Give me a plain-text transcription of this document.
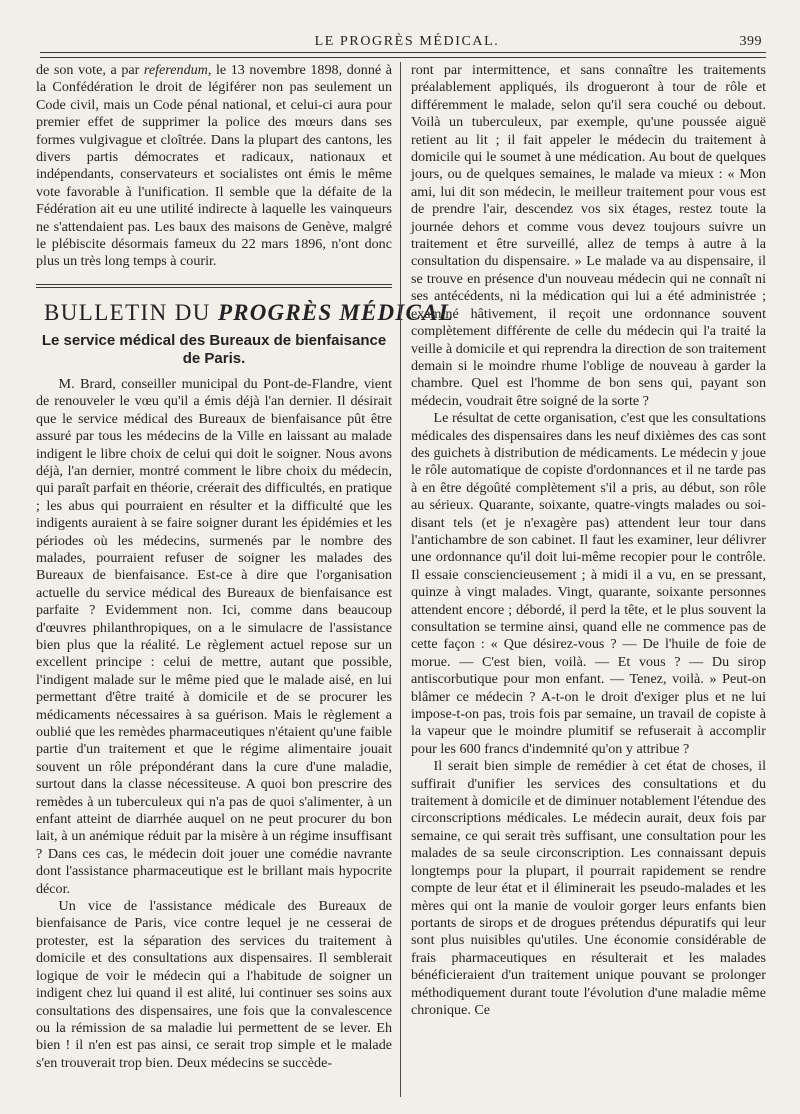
LE PROGRÈS MÉDICAL.	399

de son vote, a par referendum, le 13 novembre 1898, donné à la Confédération le droit de légiférer non pas seulement un Code civil, mais un Code pénal national, et celui-ci aura pour premier effet de supprimer la police des mœurs dans ses formes vulgivague et cloîtrée. Dans la plupart des cantons, les divers partis démocrates et radicaux, nationaux et indépendants, conservateurs et socialistes ont émis le même vote favorable à l'unification. Il semble que la défaite de la Fédération ait eu une utilité indirecte à laquelle les vainqueurs ne s'attendaient pas. Les baux des maisons de Genève, malgré le plébiscite désormais fameux du 22 mars 1896, n'ont donc plus un très long temps à courir.

BULLETIN DU PROGRÈS MÉDICAL
Le service médical des Bureaux de bienfaisance de Paris.

M. Brard, conseiller municipal du Pont-de-Flandre, vient de renouveler le vœu qu'il a émis déjà l'an dernier. Il désirait que le service médical des Bureaux de bienfaisance pût être assuré par tous les médecins de la Ville en laissant au malade indigent le libre choix de celui qui doit le soigner. Nous avons déjà, l'an dernier, montré comment le libre choix du médecin, qui paraît parfait en théorie, créerait des difficultés, en pratique ; les abus qui pourraient en résulter et la difficulté que les indigents auraient à se faire soigner durant les épidémies et les périodes où les médecins, surmenés par le nombre des malades, pourraient refuser de soigner les malades des Bureaux de bienfaisance. Est-ce à dire que l'organisation actuelle du service médical des Bureaux de bienfaisance est parfaite ? Evidemment non. Ici, comme dans beaucoup d'œuvres philanthropiques, on a le simulacre de l'assistance bien plus que la réalité. Le règlement actuel repose sur un excellent principe : celui de mettre, autant que possible, l'indigent malade sur le même pied que le malade aisé, en lui permettant d'être traité à domicile et de se procurer les médicaments nécessaires à sa guérison. Mais le règlement a oublié que les remèdes pharmaceutiques n'étaient qu'une faible partie d'un traitement et que le régime alimentaire jouait souvent un rôle prépondérant dans la cure d'une maladie, surtout dans la classe nécessiteuse. A quoi bon prescrire des remèdes à un tuberculeux qui n'a pas de quoi s'alimenter, à un enfant atteint de diarrhée auquel on ne peut procurer du bon lait, à un anémique réduit par la misère à un régime insuffisant ? Dans ces cas, le médecin doit jouer une comédie navrante dont l'assistance pharmaceutique est le brillant mais hypocrite décor.

Un vice de l'assistance médicale des Bureaux de bienfaisance de Paris, vice contre lequel je ne cesserai de protester, est la séparation des services du traitement à domicile et des consultations aux dispensaires. Il semblerait logique de voir le médecin qui a l'habitude de soigner un indigent chez lui quand il est alité, lui continuer ses soins aux consultations des dispensaires, une fois que la convalescence ou la rémission de sa maladie lui permettent de se lever. Eh bien ! il n'en est pas ainsi, ce serait trop simple et le malade s'en trouverait trop bien. Deux médecins se succède-

ront par intermittence, et sans connaître les traitements préalablement appliqués, ils drogueront à tour de rôle et différemment le malade, selon qu'il sera couché ou debout. Voilà un tuberculeux, par exemple, qu'une poussée aiguë retient au lit ; il fait appeler le médecin du traitement à domicile qui le soumet à une médication. Au bout de quelques jours, ou de quelques semaines, le malade va mieux : « Mon ami, lui dit son médecin, le meilleur traitement pour vous est de prendre l'air, descendez vos six étages, restez toute la journée dehors et comme vous devez toujours suivre un traitement et être surveillé, allez de temps à autre à la consultation du dispensaire. » Le malade va au dispensaire, il se trouve en présence d'un nouveau médecin qui ne connaît ni ses antécédents, ni la médication qui lui a été administrée ; examiné hâtivement, il reçoit une ordonnance souvent complètement différente de celle du médecin qui l'a traité la veille à domicile et qui reprendra la direction de son traitement demain si le moindre rhume l'oblige de nouveau à garder la chambre. Quel est l'homme de bon sens qui, payant son médecin, voudrait être soigné de la sorte ?

Le résultat de cette organisation, c'est que les consultations médicales des dispensaires dans les neuf dixièmes des cas sont des guichets à distribution de médicaments. Le médecin y joue le rôle automatique de copiste d'ordonnances et il ne tarde pas à en être dégoûté complètement s'il a pris, au début, son rôle au sérieux. Quarante, soixante, quatre-vingts malades ou soi-disant tels (et je n'exagère pas) attendent leur tour dans l'antichambre de son cabinet. Il faut les examiner, leur délivrer une ordonnance qu'il doit lui-même recopier pour le contrôle. Il essaie consciencieusement ; à midi il a vu, en se pressant, quinze à vingt malades. Vingt, quarante, soixante personnes attendent encore ; débordé, il perd la tête, et le plus souvent la consultation se termine ainsi, quand elle ne commence pas de cette façon : « Que désirez-vous ? — De l'huile de foie de morue. — C'est bien, voilà. — Et vous ? — Du sirop antiscorbutique pour mon enfant. — Tenez, voilà. » Peut-on blâmer ce médecin ? A-t-on le droit d'exiger plus et ne lui impose-t-on pas, trois fois par semaine, un travail de copiste à la vapeur que le moindre plumitif se refuserait à accomplir pour les 600 francs d'indemnité qu'on y attribue ?

Il serait bien simple de remédier à cet état de choses, il suffirait d'unifier les services des consultations et du traitement à domicile et de diminuer notablement l'étendue des circonscriptions médicales. Le médecin aurait, deux fois par semaine, ce qui serait très suffisant, une consultation pour les malades de sa seule circonscription. Les connaissant depuis longtemps pour la plupart, il pourrait rapidement se rendre compte de leur état et il éliminerait les pseudo-malades et les mères qui ont la manie de vouloir gorger leurs enfants bien portants de sirops et de drogues prétendus dépuratifs qui leur sont plus nuisibles qu'utiles. Une économie considérable de frais pharmaceutiques en résulterait et les malades bénéficieraient d'un traitement unique pouvant se prolonger méthodiquement durant toute l'évolution d'une maladie même chronique. Ce
